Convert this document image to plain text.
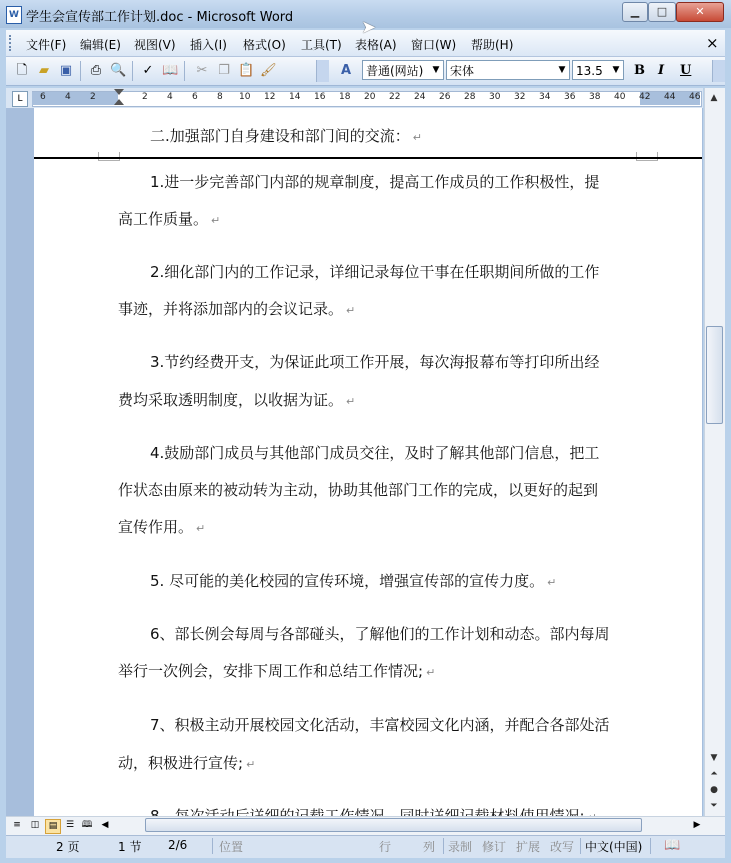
W 学生会宣传部工作计划.doc - Microsoft Word	▁	□	✕
文件(F) 编辑(E) 视图(V) 插入(I) 格式(O) 工具(T) 表格(A) 窗口(W) 帮助(H)	×
🗋 ▰ ▣ ⎙ 🔍 ✓ 📖 ✂ ❐ 📋 🖌	A	普通(网站)	▼ 宋体	▼ 13.5	▼ B I U
L	6 4 2	2 4 6 8 10 12 14 16 18 20 22 24 26 28 30 32 34 36 38 40 42 44 46
二.加强部门自身建设和部门间的交流： ↵
1.进一步完善部门内部的规章制度，提高工作成员的工作积极性，提
高工作质量。 ↵
2.细化部门内的工作记录，详细记录每位干事在任职期间所做的工作
事迹，并将添加部内的会议记录。 ↵
3.节约经费开支，为保证此项工作开展，每次海报幕布等打印所出经
费均采取透明制度，以收据为证。 ↵
4.鼓励部门成员与其他部门成员交往，及时了解其他部门信息，把工
作状态由原来的被动转为主动，协助其他部门工作的完成，以更好的起到
宣传作用。 ↵
5. 尽可能的美化校园的宣传环境，增强宣传部的宣传力度。 ↵
6、部长例会每周与各部碰头，了解他们的工作计划和动态。部内每周
举行一次例会，安排下周工作和总结工作情况; ↵
7、积极主动开展校园文化活动，丰富校园文化内涵，并配合各部处活
动，积极进行宣传; ↵
▲
▼
⏶
●
⏷
≡	◫	▤ ☰ 🕮	◀	▶
2 页	1 节 2/6	位置	行	列 录制 修订 扩展 改写 中文(中国) 📖
➤
